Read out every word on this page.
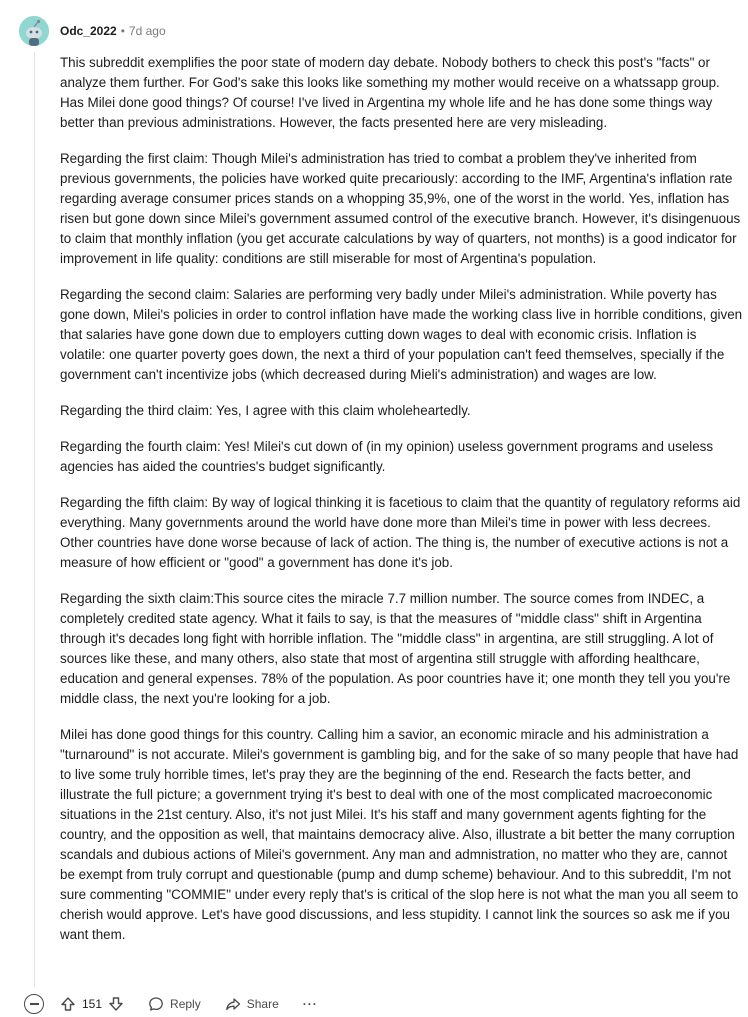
Odc_2022 • 7d ago

This subreddit exemplifies the poor state of modern day debate. Nobody bothers to check this post's "facts" or analyze them further. For God's sake this looks like something my mother would receive on a whatssapp group. Has Milei done good things? Of course! I've lived in Argentina my whole life and he has done some things way better than previous administrations. However, the facts presented here are very misleading.

Regarding the first claim: Though Milei's administration has tried to combat a problem they've inherited from previous governments, the policies have worked quite precariously: according to the IMF, Argentina's inflation rate regarding average consumer prices stands on a whopping 35,9%, one of the worst in the world. Yes, inflation has risen but gone down since Milei's government assumed control of the executive branch. However, it's disingenuous to claim that monthly inflation (you get accurate calculations by way of quarters, not months) is a good indicator for improvement in life quality: conditions are still miserable for most of Argentina's population.

Regarding the second claim: Salaries are performing very badly under Milei's administration. While poverty has gone down, Milei's policies in order to control inflation have made the working class live in horrible conditions, given that salaries have gone down due to employers cutting down wages to deal with economic crisis. Inflation is volatile: one quarter poverty goes down, the next a third of your population can't feed themselves, specially if the government can't incentivize jobs (which decreased during Mieli's administration) and wages are low.

Regarding the third claim: Yes, I agree with this claim wholeheartedly.

Regarding the fourth claim: Yes! Milei's cut down of (in my opinion) useless government programs and useless agencies has aided the countries's budget significantly.

Regarding the fifth claim: By way of logical thinking it is facetious to claim that the quantity of regulatory reforms aid everything. Many governments around the world have done more than Milei's time in power with less decrees. Other countries have done worse because of lack of action. The thing is, the number of executive actions is not a measure of how efficient or "good" a government has done it's job.

Regarding the sixth claim:This source cites the miracle 7.7 million number. The source comes from INDEC, a completely credited state agency. What it fails to say, is that the measures of "middle class" shift in Argentina through it's decades long fight with horrible inflation. The "middle class" in argentina, are still struggling. A lot of sources like these, and many others, also state that most of argentina still struggle with affording healthcare, education and general expenses. 78% of the population. As poor countries have it; one month they tell you you're middle class, the next you're looking for a job.

Milei has done good things for this country. Calling him a savior, an economic miracle and his administration a "turnaround" is not accurate. Milei's government is gambling big, and for the sake of so many people that have had to live some truly horrible times, let's pray they are the beginning of the end. Research the facts better, and illustrate the full picture; a government trying it's best to deal with one of the most complicated macroeconomic situations in the 21st century. Also, it's not just Milei. It's his staff and many government agents fighting for the country, and the opposition as well, that maintains democracy alive. Also, illustrate a bit better the many corruption scandals and dubious actions of Milei's government. Any man and admnistration, no matter who they are, cannot be exempt from truly corrupt and questionable (pump and dump scheme) behaviour. And to this subreddit, I'm not sure commenting "COMMIE" under every reply that's is critical of the slop here is not what the man you all seem to cherish would approve. Let's have good discussions, and less stupidity. I cannot link the sources so ask me if you want them.

151	Reply	Share ···
